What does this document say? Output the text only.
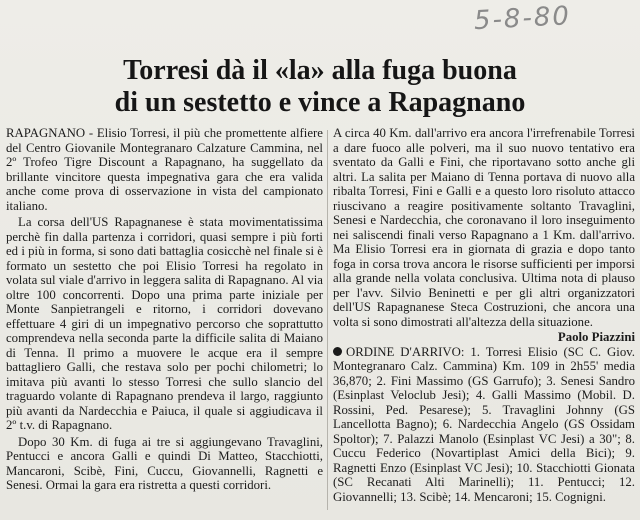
5-8-80
Torresi dà il «la» alla fuga buona
di un sestetto e vince a Rapagnano

RAPAGNANO - Elisio Torresi, il più che promettente alfiere del Centro Giovanile Montegranaro Calzature Cammina, nel 2º Trofeo Tigre Discount a Rapagnano, ha suggellato da brillante vincitore questa impegnativa gara che era valida anche come prova di osservazione in vista del campionato italiano.

La corsa dell'US Rapagnanese è stata movimentatissima perchè fin dalla partenza i corridori, quasi sempre i più forti ed i più in forma, si sono dati battaglia cosicchè nel finale si è formato un sestetto che poi Elisio Torresi ha regolato in volata sul viale d'arrivo in leggera salita di Rapagnano. Al via oltre 100 concorrenti. Dopo una prima parte iniziale per Monte Sanpietrangeli e ritorno, i corridori dovevano effettuare 4 giri di un impegnativo percorso che soprattutto comprendeva nella seconda parte la difficile salita di Maiano di Tenna. Il primo a muovere le acque era il sempre battagliero Galli, che restava solo per pochi chilometri; lo imitava più avanti lo stesso Torresi che sullo slancio del traguardo volante di Rapagnano prendeva il largo, raggiunto più avanti da Nardecchia e Paiuca, il quale si aggiudicava il 2º t.v. di Rapagnano.

Dopo 30 Km. di fuga ai tre si aggiungevano Travaglini, Pentucci e ancora Galli e quindi Di Matteo, Stacchiotti, Mancaroni, Scibè, Fini, Cuccu, Giovannelli, Ragnetti e Senesi. Ormai la gara era ristretta a questi corridori.

A circa 40 Km. dall'arrivo era ancora l'irrefrenabile Torresi a dare fuoco alle polveri, ma il suo nuovo tentativo era sventato da Galli e Fini, che riportavano sotto anche gli altri. La salita per Maiano di Tenna portava di nuovo alla ribalta Torresi, Fini e Galli e a questo loro risoluto attacco riuscivano a reagire positivamente soltanto Travaglini, Senesi e Nardecchia, che coronavano il loro inseguimento nei saliscendi finali verso Rapagnano a 1 Km. dall'arrivo. Ma Elisio Torresi era in giornata di grazia e dopo tanto foga in corsa trova ancora le risorse sufficienti per imporsi alla grande nella volata conclusiva. Ultima nota di plauso per l'avv. Silvio Beninetti e per gli altri organizzatori dell'US Rapagnanese Steca Costruzioni, che ancora una volta si sono dimostrati all'altezza della situazione.

Paolo Piazzini

ORDINE D'ARRIVO: 1. Torresi Elisio (SC C. Giov. Montegranaro Calz. Cammina) Km. 109 in 2h55' media 36,870; 2. Fini Massimo (GS Garrufo); 3. Senesi Sandro (Esinplast Veloclub Jesi); 4. Galli Massimo (Mobil. D. Rossini, Ped. Pesarese); 5. Travaglini Johnny (GS Lancellotta Bagno); 6. Nardecchia Angelo (GS Ossidam Spoltor); 7. Palazzi Manolo (Esinplast VC Jesi) a 30"; 8. Cuccu Federico (Novartiplast Amici della Bici); 9. Ragnetti Enzo (Esinplast VC Jesi); 10. Stacchiotti Gionata (SC Recanati Alti Marinelli); 11. Pentucci; 12. Giovannelli; 13. Scibè; 14. Mencaroni; 15. Cognigni.
